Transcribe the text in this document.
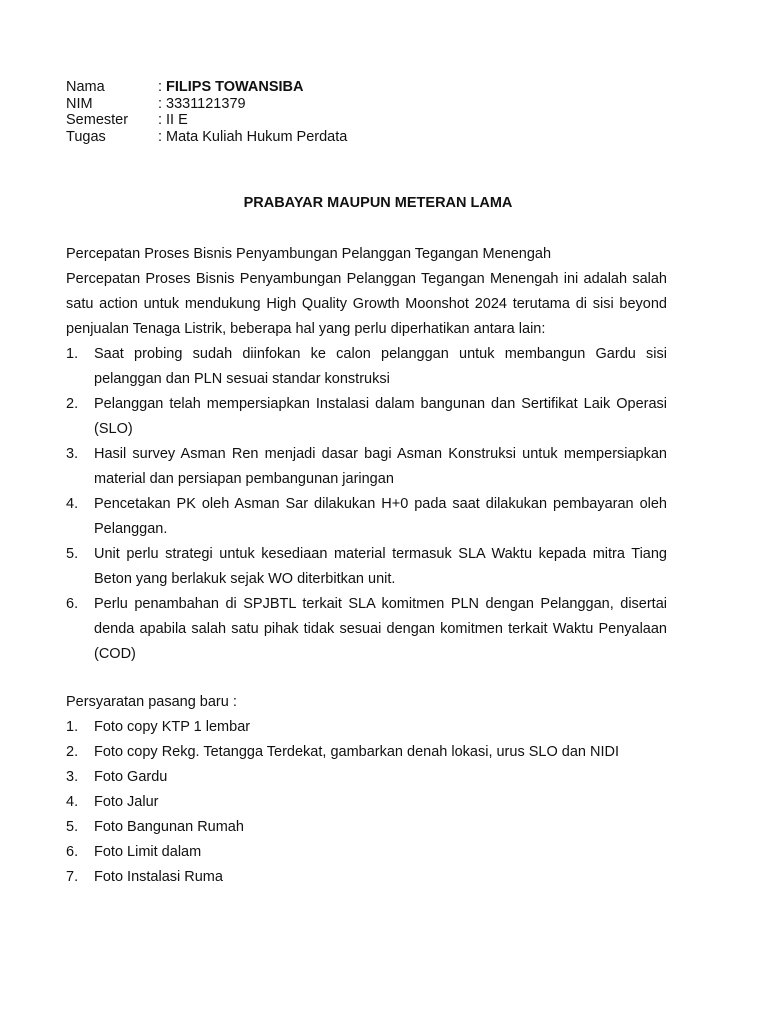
Nama	: FILIPS TOWANSIBA
NIM	: 3331121379
Semester	: II E
Tugas	: Mata Kuliah Hukum Perdata
PRABAYAR MAUPUN METERAN LAMA
Percepatan Proses Bisnis Penyambungan Pelanggan Tegangan Menengah
Percepatan Proses Bisnis Penyambungan Pelanggan Tegangan Menengah ini adalah salah satu action untuk mendukung High Quality Growth Moonshot 2024 terutama di sisi beyond penjualan Tenaga Listrik, beberapa hal yang perlu diperhatikan antara lain:
1. Saat probing sudah diinfokan ke calon pelanggan untuk membangun Gardu sisi pelanggan dan PLN sesuai standar konstruksi
2. Pelanggan telah mempersiapkan Instalasi dalam bangunan dan Sertifikat Laik Operasi (SLO)
3. Hasil survey Asman Ren menjadi dasar bagi Asman Konstruksi untuk mempersiapkan material dan persiapan pembangunan jaringan
4. Pencetakan PK oleh Asman Sar dilakukan H+0 pada saat dilakukan pembayaran oleh Pelanggan.
5. Unit perlu strategi untuk kesediaan material termasuk SLA Waktu kepada mitra Tiang Beton yang berlakuk sejak WO diterbitkan unit.
6. Perlu penambahan di SPJBTL terkait SLA komitmen PLN dengan Pelanggan, disertai denda apabila salah satu pihak tidak sesuai dengan komitmen terkait Waktu Penyalaan (COD)
Persyaratan pasang baru :
1. Foto copy KTP 1 lembar
2. Foto copy Rekg. Tetangga Terdekat, gambarkan denah lokasi, urus SLO dan NIDI
3. Foto Gardu
4. Foto Jalur
5. Foto Bangunan Rumah
6. Foto Limit dalam
7. Foto Instalasi Ruma
